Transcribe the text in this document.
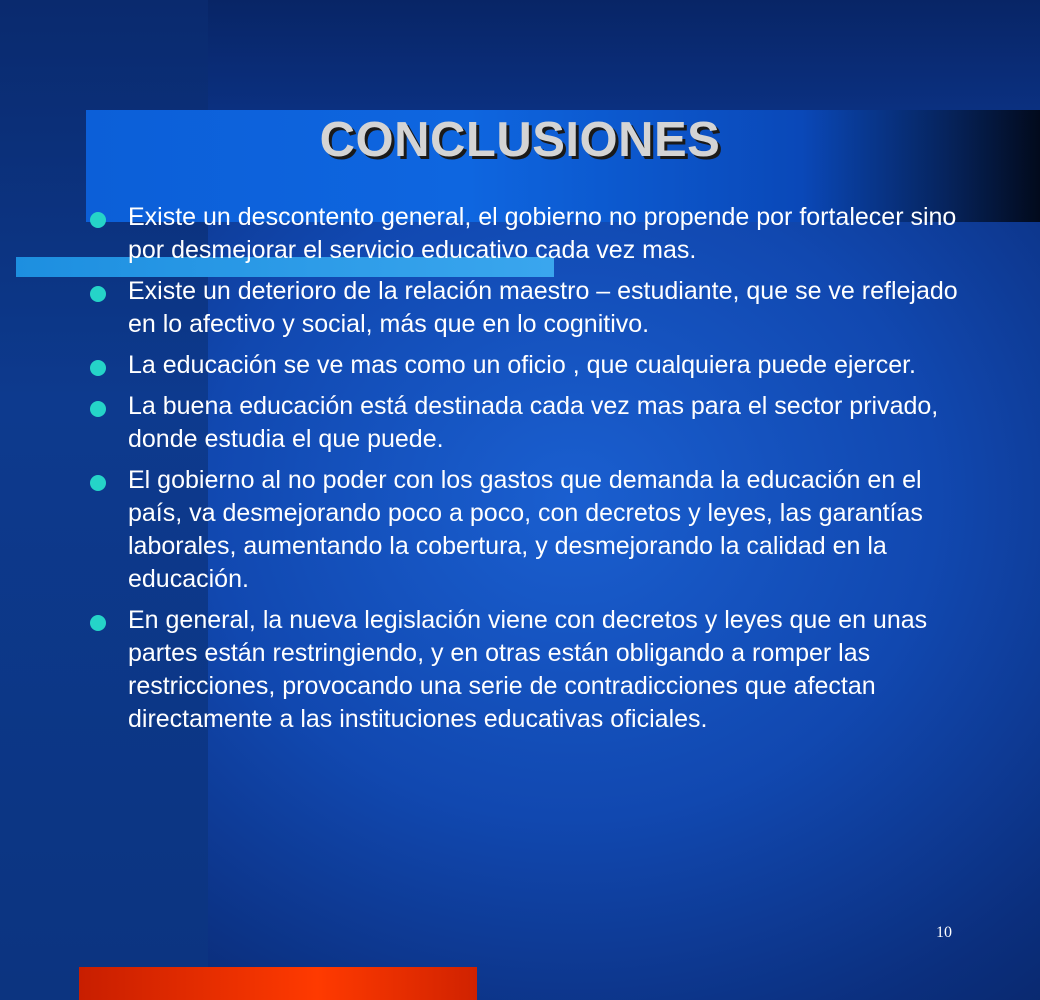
CONCLUSIONES
Existe un descontento general, el gobierno no propende por fortalecer sino por desmejorar el servicio educativo cada vez mas.
Existe un deterioro de la relación maestro – estudiante, que se ve reflejado en lo afectivo y social, más que en lo cognitivo.
La educación se ve mas como un oficio , que cualquiera puede ejercer.
La buena educación está destinada cada vez mas para el sector privado, donde estudia el que puede.
El gobierno al no poder con los gastos que demanda la educación en el país, va desmejorando poco a poco, con decretos y leyes, las garantías laborales, aumentando la cobertura, y desmejorando la calidad en la educación.
En general, la nueva legislación viene con decretos y leyes que en unas partes están restringiendo, y en otras están obligando a romper las restricciones, provocando una serie de contradicciones que afectan directamente a las instituciones educativas oficiales.
10
